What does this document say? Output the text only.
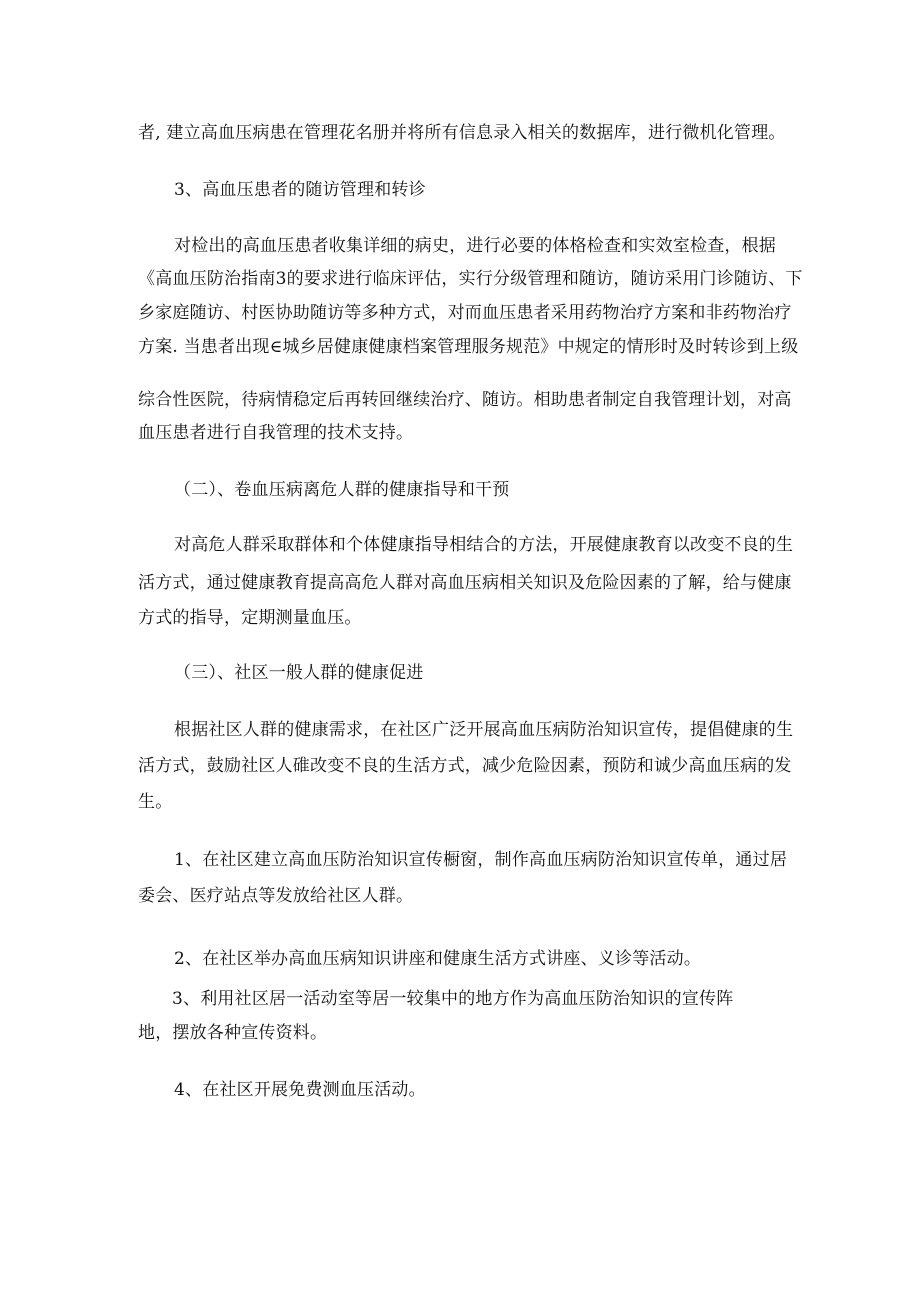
者, 建立高血压病患在管理花名册并将所有信息录入相关的数据库，进行微机化管理。
3、高血压患者的随访管理和转诊
对检出的高血压患者收集详细的病史，进行必要的体格检查和实效室检查，根据
《高血压防治指南3的要求进行临床评估，实行分级管理和随访，随访采用门诊随访、下
乡家庭随访、村医协助随访等多种方式，对而血压患者采用药物治疗方案和非药物治疗
方案. 当患者出现∈城乡居健康健康档案管理服务规范》中规定的情形时及时转诊到上级
综合性医院，待病情稳定后再转回继续治疗、随访。相助患者制定自我管理计划，对高
血压患者进行自我管理的技术支持。
（二）、卷血压病离危人群的健康指导和干预
对高危人群采取群体和个体健康指导相结合的方法，开展健康教育以改变不良的生
活方式，通过健康教育提高高危人群对高血压病相关知识及危险因素的了解，给与健康
方式的指导，定期测量血压。
（三）、社区一般人群的健康促进
根据社区人群的健康需求，在社区广泛开展高血压病防治知识宣传，提倡健康的生
活方式，鼓励社区人碓改变不良的生活方式，减少危险因素，预防和诚少高血压病的发
生。
1、在社区建立高血压防治知识宣传橱窗，制作高血压病防治知识宣传单，通过居
委会、医疗站点等发放给社区人群。
2、在社区举办高血压病知识讲座和健康生活方式讲座、义诊等活动。
3、利用社区居一活动室等居一较集中的地方作为高血压防治知识的宣传阵
地，摆放各种宣传资料。
4、在社区开展免费测血压活动。
